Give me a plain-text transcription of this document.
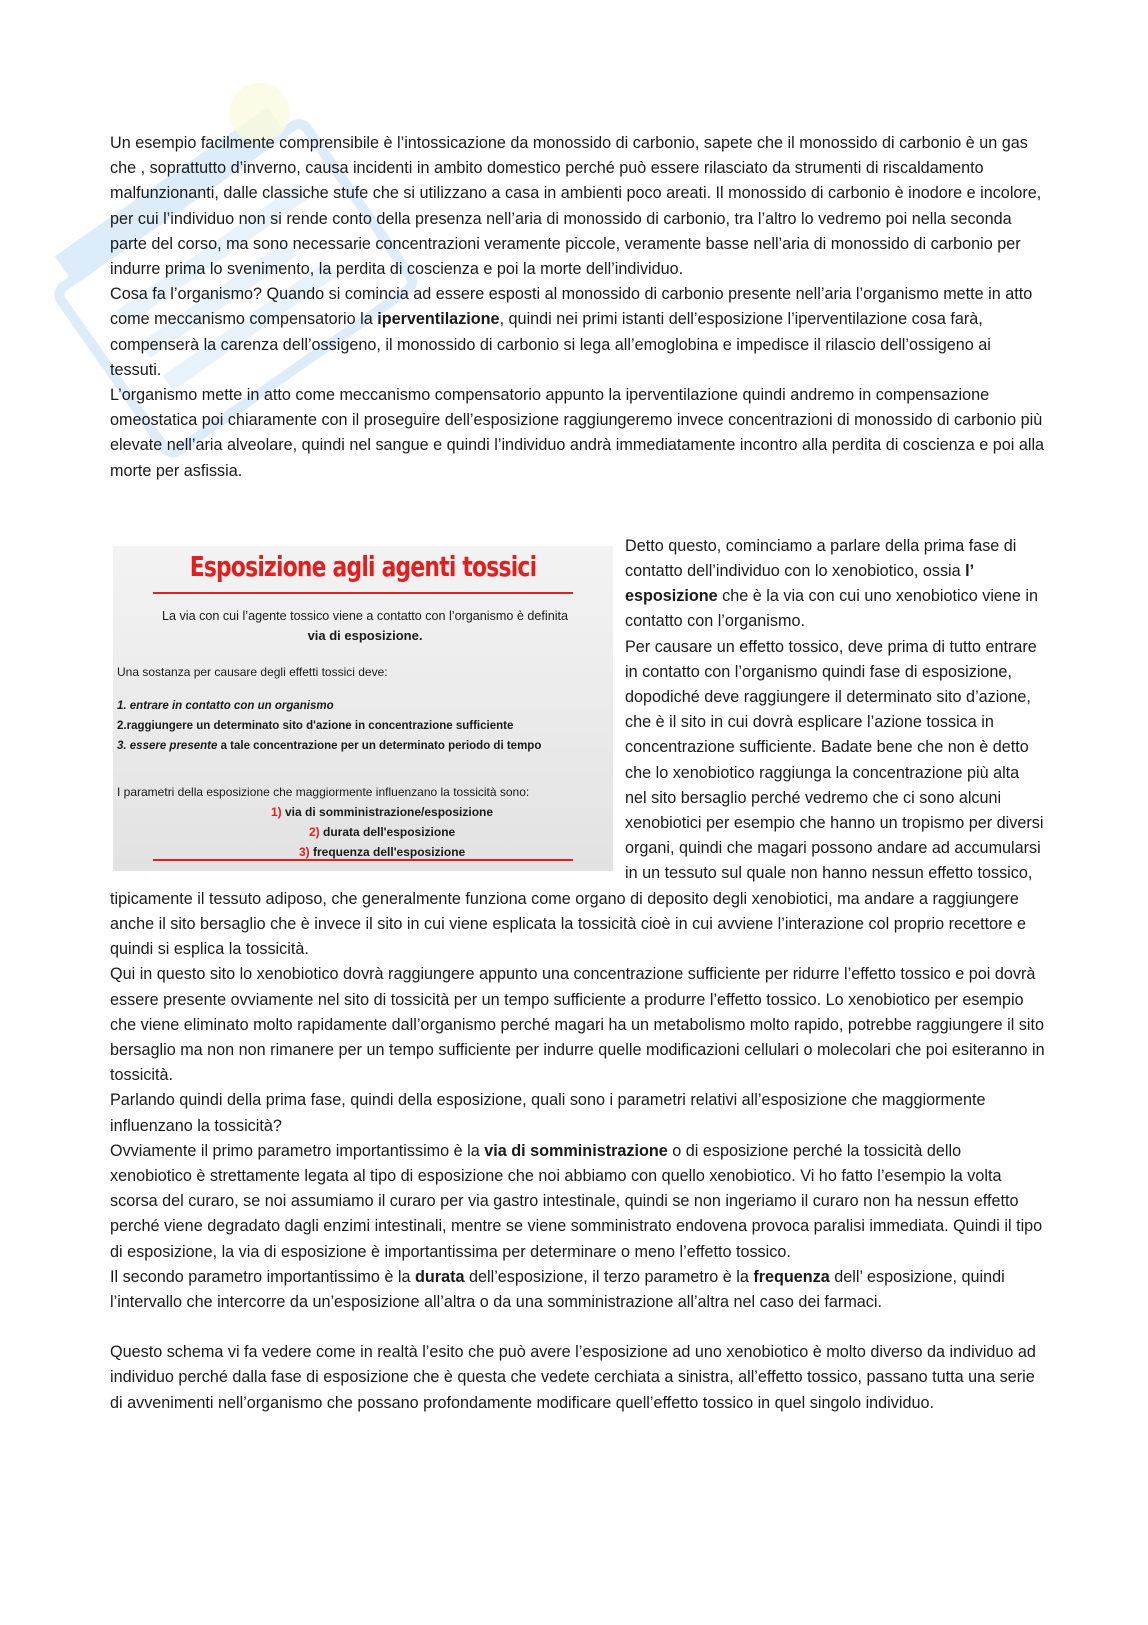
Un esempio facilmente comprensibile è l’intossicazione da monossido di carbonio, sapete che il monossido di carbonio è un gas che , soprattutto d’inverno, causa incidenti in ambito domestico perché può essere rilasciato da strumenti di riscaldamento malfunzionanti, dalle classiche stufe che si utilizzano a casa in ambienti poco areati. Il monossido di carbonio è inodore e incolore, per cui l’individuo non si rende conto della presenza nell’aria di monossido di carbonio, tra l’altro lo vedremo poi nella seconda parte del corso, ma sono necessarie concentrazioni veramente piccole, veramente basse nell’aria di monossido di carbonio per indurre prima lo svenimento, la perdita di coscienza e poi la morte dell’individuo.

Cosa fa l’organismo? Quando si comincia ad essere esposti al monossido di carbonio presente nell’aria l’organismo mette in atto come meccanismo compensatorio la iperventilazione, quindi nei primi istanti dell’esposizione l’iperventilazione cosa farà, compenserà la carenza dell’ossigeno, il monossido di carbonio si lega all’emoglobina e impedisce il rilascio dell’ossigeno ai tessuti.

L’organismo mette in atto come meccanismo compensatorio appunto la iperventilazione quindi andremo in compensazione omeostatica poi chiaramente con il proseguire dell’esposizione raggiungeremo invece concentrazioni di monossido di carbonio più elevate nell’aria alveolare, quindi nel sangue e quindi l’individuo andrà immediatamente incontro alla perdita di coscienza e poi alla morte per asfissia.

Esposizione agli agenti tossici
La via con cui l’agente tossico viene a contatto con l’organismo è definita
via di esposizione.
Una sostanza per causare degli effetti tossici deve:
1. entrare in contatto con un organismo
2.raggiungere un determinato sito d'azione in concentrazione sufficiente
3. essere presente a tale concentrazione per un determinato periodo di tempo
I parametri della esposizione che maggiormente influenzano la tossicità sono:
1) via di somministrazione/esposizione
2) durata dell'esposizione
3) frequenza dell'esposizione

Detto questo, cominciamo a parlare della prima fase di contatto dell’individuo con lo xenobiotico, ossia l’ esposizione che è la via con cui uno xenobiotico viene in contatto con l’organismo.

Per causare un effetto tossico, deve prima di tutto entrare in contatto con l’organismo quindi fase di esposizione, dopodiché deve raggiungere il determinato sito d’azione, che è il sito in cui dovrà esplicare l’azione tossica in concentrazione sufficiente. Badate bene che non è detto che lo xenobiotico raggiunga la concentrazione più alta nel sito bersaglio perché vedremo che ci sono alcuni xenobiotici per esempio che hanno un tropismo per diversi organi, quindi che magari possono andare ad accumularsi in un tessuto sul quale non hanno nessun effetto tossico, tipicamente il tessuto adiposo, che generalmente funziona come organo di deposito degli xenobiotici, ma andare a raggiungere anche il sito bersaglio che è invece il sito in cui viene esplicata la tossicità cioè in cui avviene l’interazione col proprio recettore e quindi si esplica la tossicità.

Qui in questo sito lo xenobiotico dovrà raggiungere appunto una concentrazione sufficiente per ridurre l’effetto tossico e poi dovrà essere presente ovviamente nel sito di tossicità per un tempo sufficiente a produrre l’effetto tossico. Lo xenobiotico per esempio che viene eliminato molto rapidamente dall’organismo perché magari ha un metabolismo molto rapido, potrebbe raggiungere il sito bersaglio ma non non rimanere per un tempo sufficiente per indurre quelle modificazioni cellulari o molecolari che poi esiteranno in tossicità.

Parlando quindi della prima fase, quindi della esposizione, quali sono i parametri relativi all’esposizione che maggiormente influenzano la tossicità?

Ovviamente il primo parametro importantissimo è la via di somministrazione o di esposizione perché la tossicità dello xenobiotico è strettamente legata al tipo di esposizione che noi abbiamo con quello xenobiotico. Vi ho fatto l’esempio la volta scorsa del curaro, se noi assumiamo il curaro per via gastro intestinale, quindi se non ingeriamo il curaro non ha nessun effetto perché viene degradato dagli enzimi intestinali, mentre se viene somministrato endovena provoca paralisi immediata. Quindi il tipo di esposizione, la via di esposizione è importantissima per determinare o meno l’effetto tossico.

Il secondo parametro importantissimo è la durata dell’esposizione, il terzo parametro è la frequenza dell’ esposizione, quindi l’intervallo che intercorre da un’esposizione all’altra o da una somministrazione all’altra nel caso dei farmaci.

Questo schema vi fa vedere come in realtà l’esito che può avere l’esposizione ad uno xenobiotico è molto diverso da individuo ad individuo perché dalla fase di esposizione che è questa che vedete cerchiata a sinistra, all’effetto tossico, passano tutta una serie di avvenimenti nell’organismo che possano profondamente modificare quell’effetto tossico in quel singolo individuo.
